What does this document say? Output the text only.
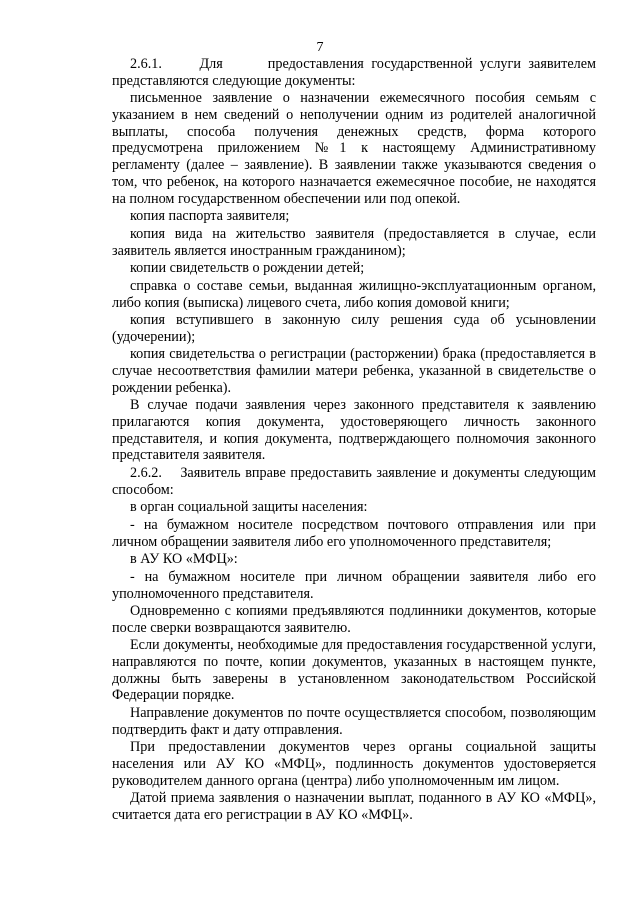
7

2.6.1.     Для      предоставления государственной услуги заявителем представляются следующие документы:

письменное заявление о назначении ежемесячного пособия семьям с указанием в нем сведений о неполучении одним из родителей аналогичной выплаты, способа получения денежных средств, форма которого предусмотрена приложением №1 к настоящему Административному регламенту (далее – заявление). В заявлении также указываются сведения о том, что ребенок, на которого назначается ежемесячное пособие, не находятся на полном государственном обеспечении или под опекой.

копия паспорта заявителя;

копия вида на жительство заявителя (предоставляется в случае, если заявитель является иностранным гражданином);

копии свидетельств о рождении детей;

справка о составе семьи, выданная жилищно-эксплуатационным органом, либо копия (выписка) лицевого счета, либо копия домовой книги;

копия вступившего в законную силу решения суда об усыновлении (удочерении);

копия свидетельства о регистрации (расторжении) брака (предоставляется в случае несоответствия фамилии матери ребенка, указанной в свидетельстве о рождении ребенка).

В случае подачи заявления через законного представителя к заявлению прилагаются копия документа, удостоверяющего личность законного представителя, и копия документа, подтверждающего полномочия законного представителя заявителя.

2.6.2.    Заявитель вправе предоставить заявление и документы следующим способом:

в орган социальной защиты населения:

- на бумажном носителе посредством почтового отправления или при личном обращении заявителя либо его уполномоченного представителя;

в АУ КО «МФЦ»:

- на бумажном носителе при личном обращении заявителя либо его уполномоченного представителя.

Одновременно с копиями предъявляются подлинники документов, которые после сверки возвращаются заявителю.

Если документы, необходимые для предоставления государственной услуги, направляются по почте, копии документов, указанных в настоящем пункте, должны быть заверены в установленном законодательством Российской Федерации порядке.

Направление документов по почте осуществляется способом, позволяющим подтвердить факт и дату отправления.

При предоставлении документов через органы социальной защиты населения или АУ КО «МФЦ», подлинность документов удостоверяется руководителем данного органа (центра) либо уполномоченным им лицом.

Датой приема заявления о назначении выплат, поданного в АУ КО «МФЦ», считается дата его регистрации в АУ КО «МФЦ».
